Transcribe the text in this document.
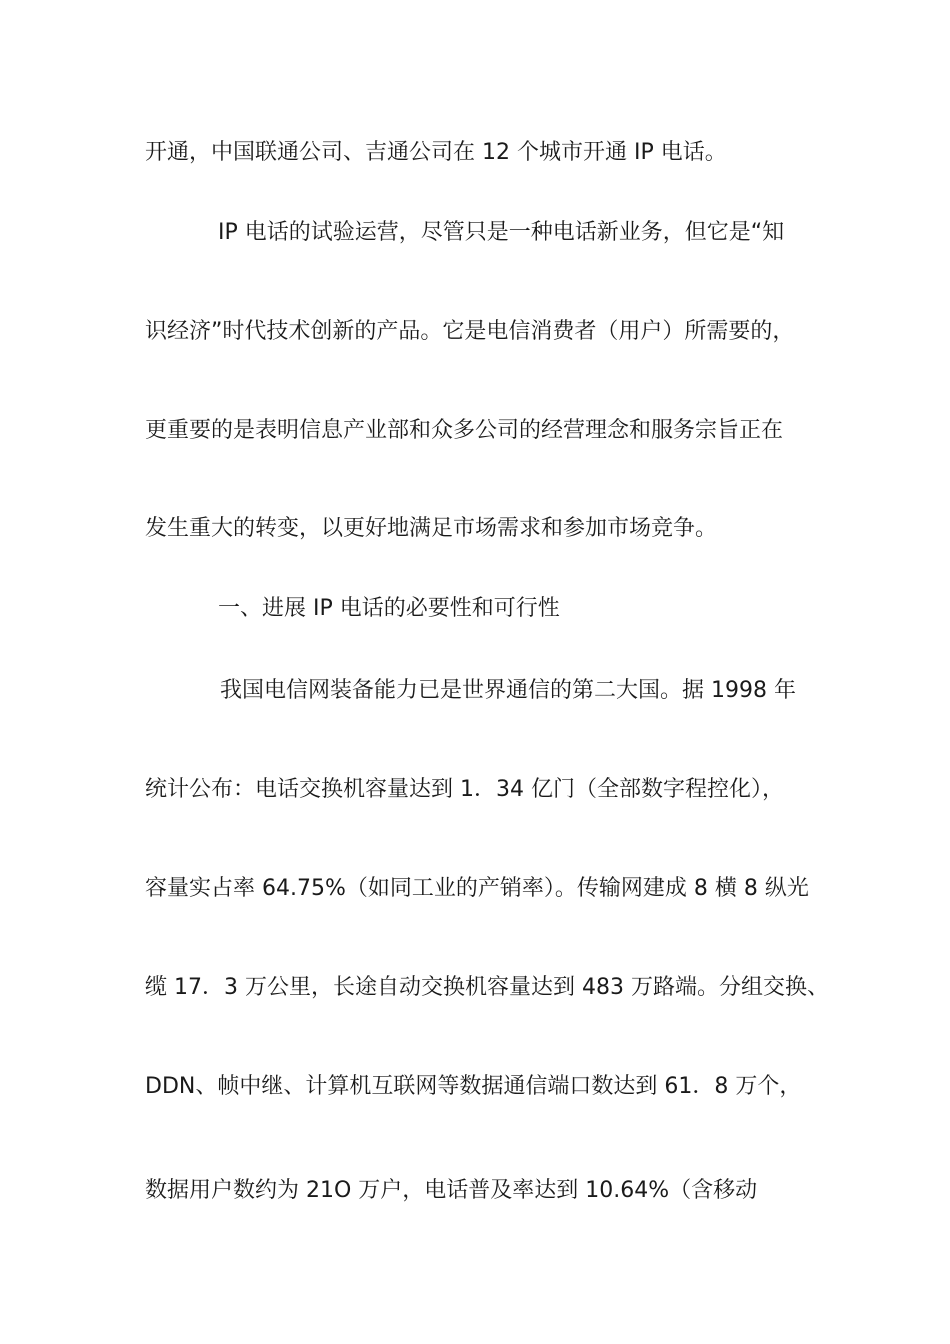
开通，中国联通公司、吉通公司在 12 个城市开通 IP 电话。

IP 电话的试验运营，尽管只是一种电话新业务，但它是“知

识经济”时代技术创新的产品。它是电信消费者（用户）所需要的，

更重要的是表明信息产业部和众多公司的经营理念和服务宗旨正在

发生重大的转变，以更好地满足市场需求和参加市场竞争。

一、进展 IP 电话的必要性和可行性

我国电信网装备能力已是世界通信的第二大国。据 1998 年

统计公布：电话交换机容量达到 1．34 亿门（全部数字程控化），

容量实占率 64.75%（如同工业的产销率）。传输网建成 8 横 8 纵光

缆 17．3 万公里，长途自动交换机容量达到 483 万路端。分组交换、

DDN、帧中继、计算机互联网等数据通信端口数达到 61．8 万个，

数据用户数约为 21O 万户，电话普及率达到 10.64%（含移动
